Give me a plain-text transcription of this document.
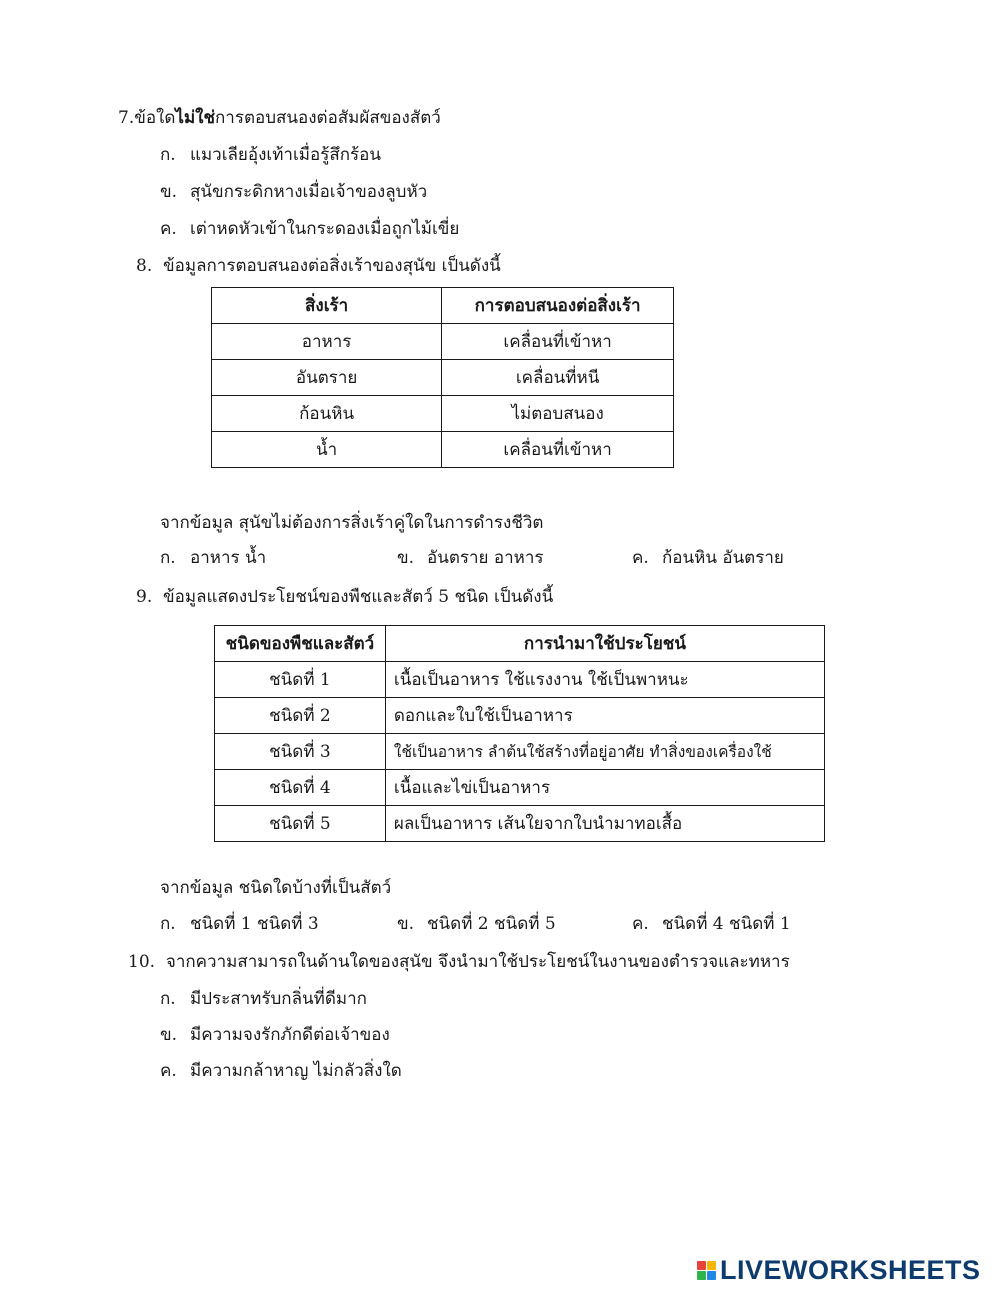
7.ข้อใดไม่ใช่การตอบสนองต่อสัมผัสของสัตว์
ก. แมวเลียอุ้งเท้าเมื่อรู้สึกร้อน
ข. สุนัขกระดิกหางเมื่อเจ้าของลูบหัว
ค. เต่าหดหัวเข้าในกระดองเมื่อถูกไม้เขี่ย
8. ข้อมูลการตอบสนองต่อสิ่งเร้าของสุนัข เป็นดังนี้
สิ่งเร้า	การตอบสนองต่อสิ่งเร้า
อาหาร	เคลื่อนที่เข้าหา
อันตราย	เคลื่อนที่หนี
ก้อนหิน	ไม่ตอบสนอง
น้ำ	เคลื่อนที่เข้าหา
จากข้อมูล สุนัขไม่ต้องการสิ่งเร้าคู่ใดในการดำรงชีวิต
ก. อาหาร น้ำ	ข. อันตราย อาหาร	ค. ก้อนหิน อันตราย
9. ข้อมูลแสดงประโยชน์ของพืชและสัตว์ 5 ชนิด เป็นดังนี้
ชนิดของพืชและสัตว์	การนำมาใช้ประโยชน์
ชนิดที่ 1	เนื้อเป็นอาหาร ใช้แรงงาน ใช้เป็นพาหนะ
ชนิดที่ 2	ดอกและใบใช้เป็นอาหาร
ชนิดที่ 3	ใช้เป็นอาหาร ลำต้นใช้สร้างที่อยู่อาศัย ทำสิ่งของเครื่องใช้
ชนิดที่ 4	เนื้อและไข่เป็นอาหาร
ชนิดที่ 5	ผลเป็นอาหาร เส้นใยจากใบนำมาทอเสื้อ
จากข้อมูล ชนิดใดบ้างที่เป็นสัตว์
ก. ชนิดที่ 1 ชนิดที่ 3	ข. ชนิดที่ 2 ชนิดที่ 5	ค. ชนิดที่ 4 ชนิดที่ 1
10. จากความสามารถในด้านใดของสุนัข จึงนำมาใช้ประโยชน์ในงานของตำรวจและทหาร
ก. มีประสาทรับกลิ่นที่ดีมาก
ข. มีความจงรักภักดีต่อเจ้าของ
ค. มีความกล้าหาญ ไม่กลัวสิ่งใด
LIVEWORKSHEETS
